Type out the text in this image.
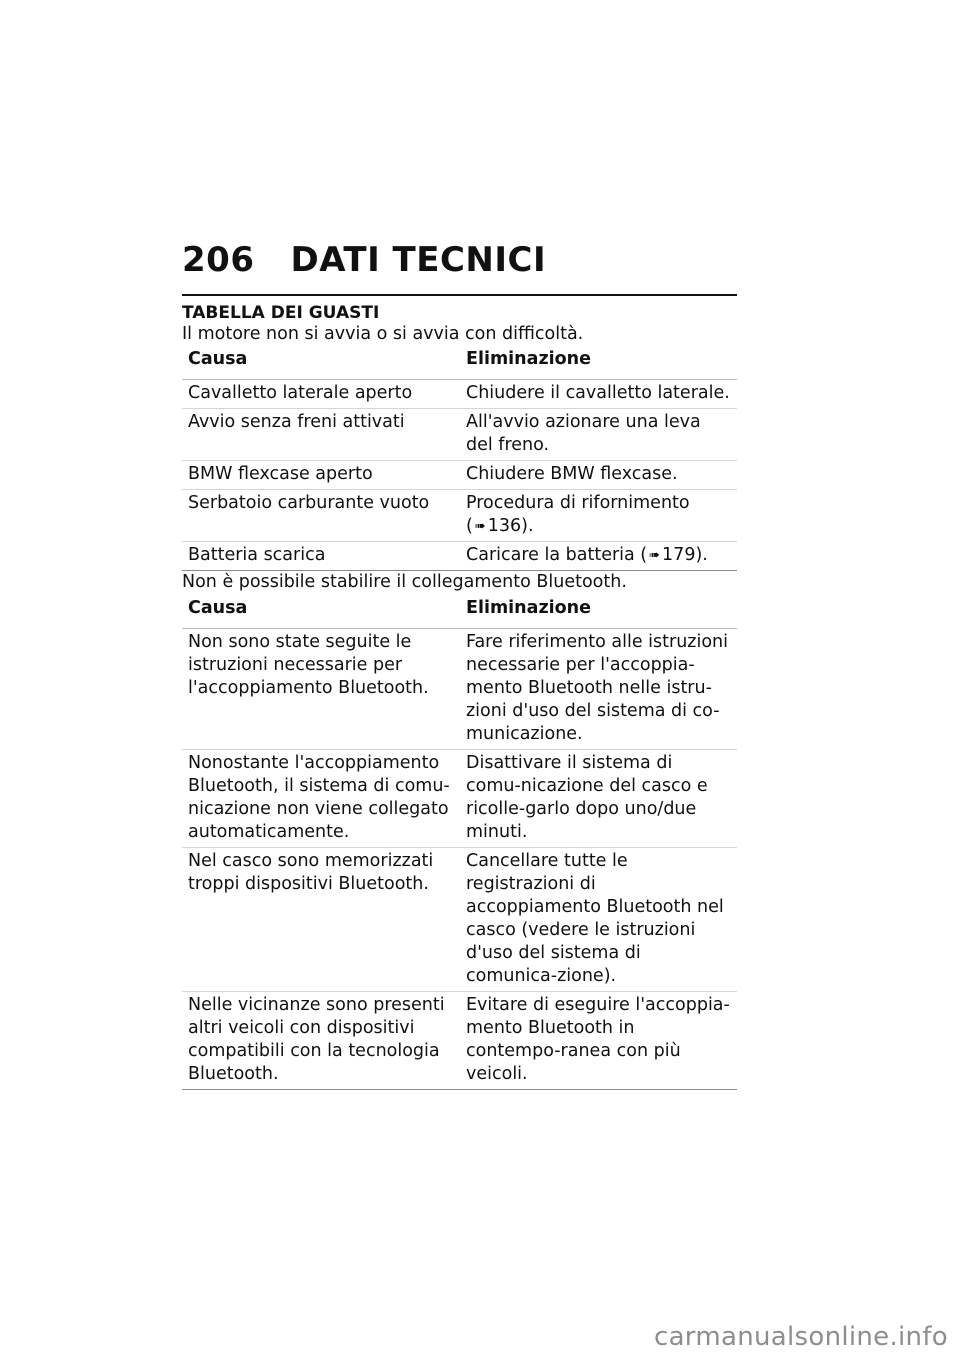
206 DATI TECNICI
TABELLA DEI GUASTI
Il motore non si avvia o si avvia con difficoltà.
Causa	Eliminazione
Cavalletto laterale aperto	Chiudere il cavalletto laterale.
Avvio senza freni attivati	All'avvio azionare una leva del freno.
BMW flexcase aperto	Chiudere BMW flexcase.
Serbatoio carburante vuoto	Procedura di rifornimento ( ➠ 136).
Batteria scarica	Caricare la batteria ( ➠ 179).
Non è possibile stabilire il collegamento Bluetooth.
Causa	Eliminazione
Non sono state seguite le istruzioni necessarie per l'accoppiamento Bluetooth.	Fare riferimento alle istruzioni necessarie per l'accoppia-mento Bluetooth nelle istru-zioni d'uso del sistema di co-municazione.
Nonostante l'accoppiamento Bluetooth, il sistema di comu-nicazione non viene collegato automaticamente.	Disattivare il sistema di comu-nicazione del casco e ricolle-garlo dopo uno/due minuti.
Nel casco sono memorizzati troppi dispositivi Bluetooth.	Cancellare tutte le registrazioni di accoppiamento Bluetooth nel casco (vedere le istruzioni d'uso del sistema di comunica-zione).
Nelle vicinanze sono presenti altri veicoli con dispositivi compatibili con la tecnologia Bluetooth.	Evitare di eseguire l'accoppia-mento Bluetooth in contempo-ranea con più veicoli.
carmanualsonline.info
